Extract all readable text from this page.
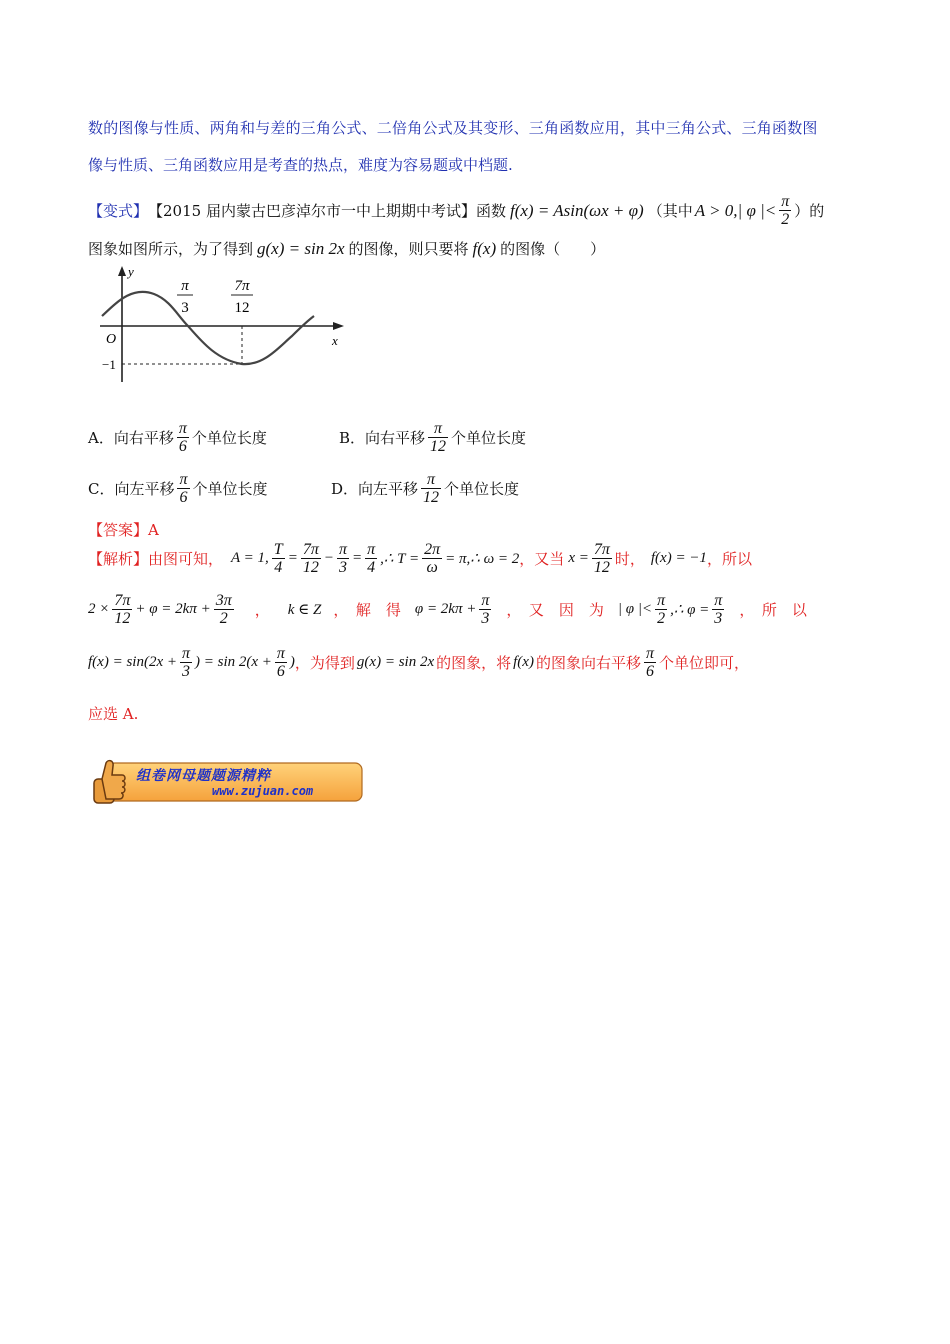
数的图像与性质、两角和与差的三角公式、二倍角公式及其变形、三角函数应用，其中三角公式、三角函数图
像与性质、三角函数应用是考查的热点，难度为容易题或中档题.
【变式】 【2015 届内蒙古巴彦淖尔市一中上期期中考试】 函数 f(x) = Asin(ωx + φ) （其中 A > 0,| φ |< $\frac{\pi}{2}$ ）的
图象如图所示，为了得到 g(x) = sin 2x 的图像，则只要将 f(x) 的图像（　　）
y
x
O
−1
π
3
7π
12
A．向右平移 $\frac{\pi}{6}$ 个单位长度	B．向右平移 $\frac{\pi}{12}$ 个单位长度
C．向左平移 $\frac{\pi}{6}$ 个单位长度	D．向左平移 $\frac{\pi}{12}$ 个单位长度
【答案】A
【解析】 由图可知， A = 1, $\frac{T}{4} = \frac{7\pi}{12} - \frac{\pi}{3} = \frac{\pi}{4}$ ,∴ $T = \frac{2\pi}{\omega}$ = π,∴ ω = 2 ，又当 $x = \frac{7\pi}{12}$ 时， f(x) = −1 ，所以
$2 \times \frac{7\pi}{12} + \varphi = 2k\pi + \frac{3\pi}{2}$ ， k ∈ Z ，　解　得 $\varphi = 2k\pi + \frac{\pi}{3}$ ，　又　因　为 | φ |< $\frac{\pi}{2}$ ,∴ $\varphi = \frac{\pi}{3}$ ，　所　以
$f(x) = \sin(2x + \frac{\pi}{3}$ ) = $\sin 2(x + \frac{\pi}{6}$ ) ，为得到 g(x) = sin 2x 的图象，将 f(x) 的图象向右平移 $\frac{\pi}{6}$ 个单位即可，
应选 A.
组卷网母题题源精粹
www.zujuan.com
